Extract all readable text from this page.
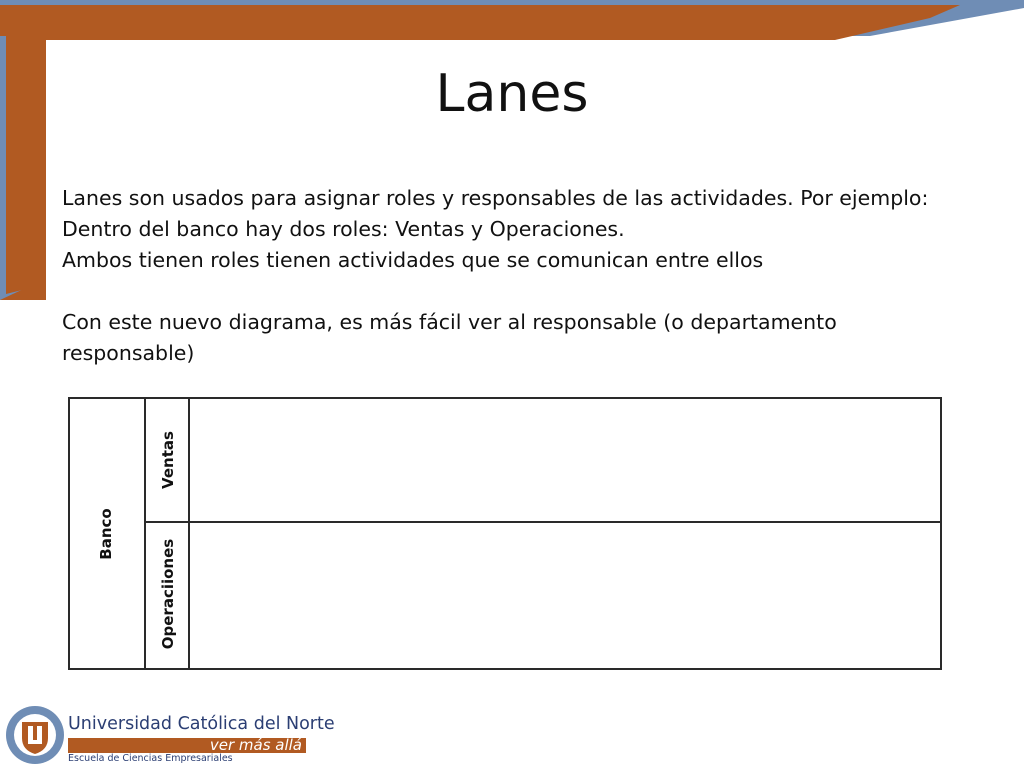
Lanes

Lanes son usados para asignar roles y responsables de las actividades. Por ejemplo:

Dentro del banco hay dos roles: Ventas y Operaciones.

Ambos tienen roles tienen actividades que se comunican entre ellos

Con este nuevo diagrama, es más fácil ver al responsable (o departamento responsable)

Banco
Ventas
Operaciiones
N Universidad Católica del Norte
ver más allá
Escuela de Ciencias Empresariales
